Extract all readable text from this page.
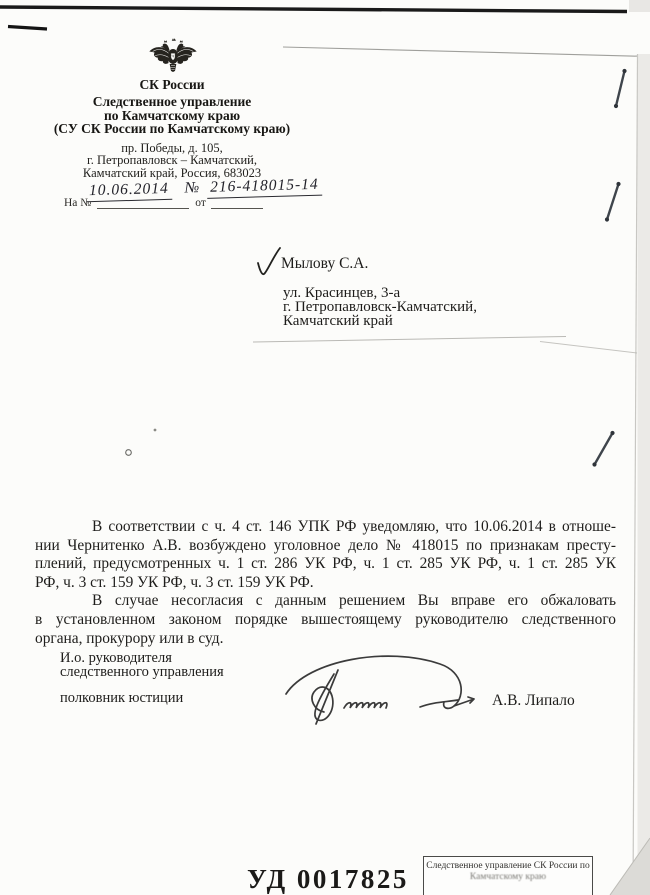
СК России
Следственное управление
по Камчатскому краю
(СУ СК России по Камчатскому краю)
пр. Победы, д. 105,
г. Петропавловск – Камчатский,
Камчатский край, Россия, 683023
10.06.2014 № 216-418015-14
На №	от
Мылову С.А.
ул. Красинцев, 3-а
г. Петропавловск-Камчатский,
Камчатский край
В соответствии с ч. 4 ст. 146 УПК РФ уведомляю, что 10.06.2014 в отноше-
нии Чернитенко А.В. возбуждено уголовное дело № 418015 по признакам престу-
плений, предусмотренных ч. 1 ст. 286 УК РФ, ч. 1 ст. 285 УК РФ, ч. 1 ст. 285 УК
РФ, ч. 3 ст. 159 УК РФ, ч. 3 ст. 159 УК РФ.
В случае несогласия с данным решением Вы вправе его обжаловать
в установленном законом порядке вышестоящему руководителю следственного
органа, прокурору или в суд.
И.о. руководителя
следственного управления
полковник юстиции	А.В. Липало
УД 0017825 Следственное управление СК России по
Камчатскому краю
